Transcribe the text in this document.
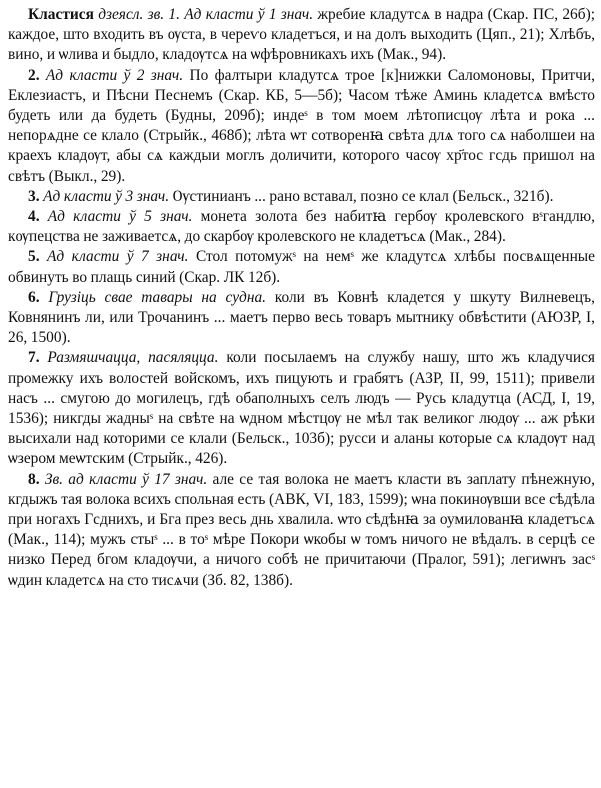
Кластися дзеясл. зв. 1. Ад класти ў 1 знач. жребие кладутсѧ в надра (Скар. ПС, 26б); каждое, што входить въ ѹста, в череѵо кладетъся, и на долъ выходить (Цяп., 21); Хлѣбъ, вино, и ѡлива и быдло, кладѹтсѧ на ѡфѣровникахъ ихъ (Мак., 94).

2. Ад класти ў 2 знач. По фалтыри кладутсѧ трое [к]нижки Саломоновы, Притчи, Еклезиастъ, и Пѣсни Песнемъ (Скар. КБ, 5—5б); Часом тѣже Аминь кладетсѧ вмѣсто будеть или да будеть (Будны, 209б); индеˢ в том моем лѣтописцѹ лѣта и рока ... непорѧдне се клало (Стрыйк., 468б); лѣта ѡт сотворенꙗ свѣта длѧ того сѧ наболшеи на краехъ кладѹт, абы сѧ каждыи моглъ доличити, которого часѹ хр҃тос гсдь пришол на свѣтъ (Выкл., 29).

3. Ад класти ў 3 знач. Ѹстинианъ ... рано вставал, позно се клал (Бельск., 321б).

4. Ад класти ў 5 знач. монета золота без набитꙗ гербѹ кролевского вˢгандлю, кѹпецства не заживаетсѧ, до скарбѹ кролевского не кладетъсѧ (Мак., 284).

5. Ад класти ў 7 знач. Стол потомужˢ на немˢ же кладутсѧ хлѣбы посвѧщенные обвинуть во плащь синий (Скар. ЛК 12б).

6. Грузіць свае тавары на судна. коли въ Ковнѣ кладется у шкуту Вилневецъ, Ковнянинъ ли, или Трочанинъ ... маетъ перво весь товаръ мытнику обвѣстити (АЮЗР, I, 26, 1500).

7. Размяшчацца, пасяляцца. коли посылаемъ на службу нашу, што жъ кладучися промежку ихъ волостей войскомъ, ихъ пицують и грабятъ (АЗР, II, 99, 1511); привели насъ ... смугою до могилецъ, гдѣ обаполныхъ селъ людъ — Русь кладутца (АСД, I, 19, 1536); никгды жадныˢ на свѣте на ѡдном мѣстцѹ не мѣл так великог людѹ ... аж рѣки высихали над которими се клали (Бельск., 103б); русси и аланы которые сѧ кладѹт над ѡзером меѡтским (Стрыйк., 426).

8. Зв. ад класти ў 17 знач. але се тая волока не маетъ класти въ заплату пѣнежную, кгдыжъ тая волока всихъ спольная есть (АВК, VI, 183, 1599); ѡна покинѹвши все сѣдѣла при ногахъ Гсднихъ, и Бга през весь днь хвалила. ѡто сѣдѣнꙗ за оумилованꙗ кладетъсѧ (Мак., 114); мужъ стыˢ ... в тоˢ мѣре Покори ѡкобы ѡ томъ ничого не вѣдалъ. в серцѣ се низко Перед бгом кладѹчи, а ничого собѣ не причитаючи (Пралог, 591); легиѡнъ засˢ ѡдин кладетсѧ на сто тисѧчи (Зб. 82, 138б).
